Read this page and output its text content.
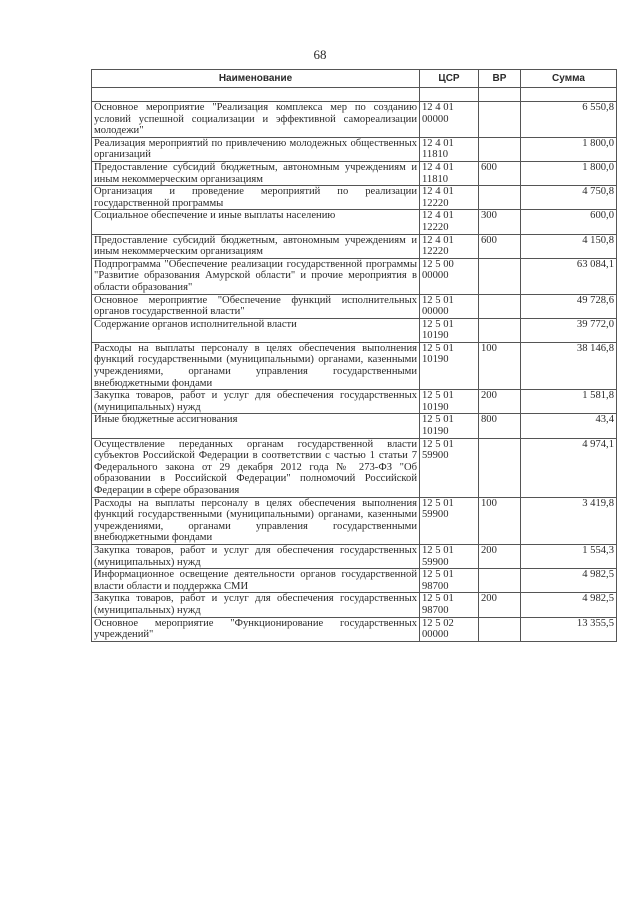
68
Наименование	ЦСР	ВР	Сумма

Основное мероприятие "Реализация комплекса мер по созданию условий успешной социализации и эффективной самореализации молодежи"	12 4 01 00000		6 550,8
Реализация мероприятий по привлечению молодежных общественных организаций	12 4 01 11810		1 800,0
Предоставление субсидий бюджетным, автономным учреждениям и иным некоммерческим организациям	12 4 01 11810	600	1 800,0
Организация и проведение мероприятий по реализации государственной программы	12 4 01 12220		4 750,8
Социальное обеспечение и иные выплаты населению	12 4 01 12220	300	600,0
Предоставление субсидий бюджетным, автономным учреждениям и иным некоммерческим организациям	12 4 01 12220	600	4 150,8
Подпрограмма "Обеспечение реализации государственной программы "Развитие образования Амурской области" и прочие мероприятия в области образования"	12 5 00 00000		63 084,1
Основное мероприятие "Обеспечение функций исполнительных органов государственной власти"	12 5 01 00000		49 728,6
Содержание органов исполнительной власти	12 5 01 10190		39 772,0
Расходы на выплаты персоналу в целях обеспечения выполнения функций государственными (муниципальными) органами, казенными учреждениями, органами управления государственными внебюджетными фондами	12 5 01 10190	100	38 146,8
Закупка товаров, работ и услуг для обеспечения государственных (муниципальных) нужд	12 5 01 10190	200	1 581,8
Иные бюджетные ассигнования	12 5 01 10190	800	43,4
Осуществление переданных органам государственной власти субъектов Российской Федерации в соответствии с частью 1 статьи 7 Федерального закона от 29 декабря 2012 года № 273-ФЗ "Об образовании в Российской Федерации" полномочий Российской Федерации в сфере образования	12 5 01 59900		4 974,1
Расходы на выплаты персоналу в целях обеспечения выполнения функций государственными (муниципальными) органами, казенными учреждениями, органами управления государственными внебюджетными фондами	12 5 01 59900	100	3 419,8
Закупка товаров, работ и услуг для обеспечения государственных (муниципальных) нужд	12 5 01 59900	200	1 554,3
Информационное освещение деятельности органов государственной власти области и поддержка СМИ	12 5 01 98700		4 982,5
Закупка товаров, работ и услуг для обеспечения государственных (муниципальных) нужд	12 5 01 98700	200	4 982,5
Основное мероприятие "Функционирование государственных учреждений"	12 5 02 00000		13 355,5
